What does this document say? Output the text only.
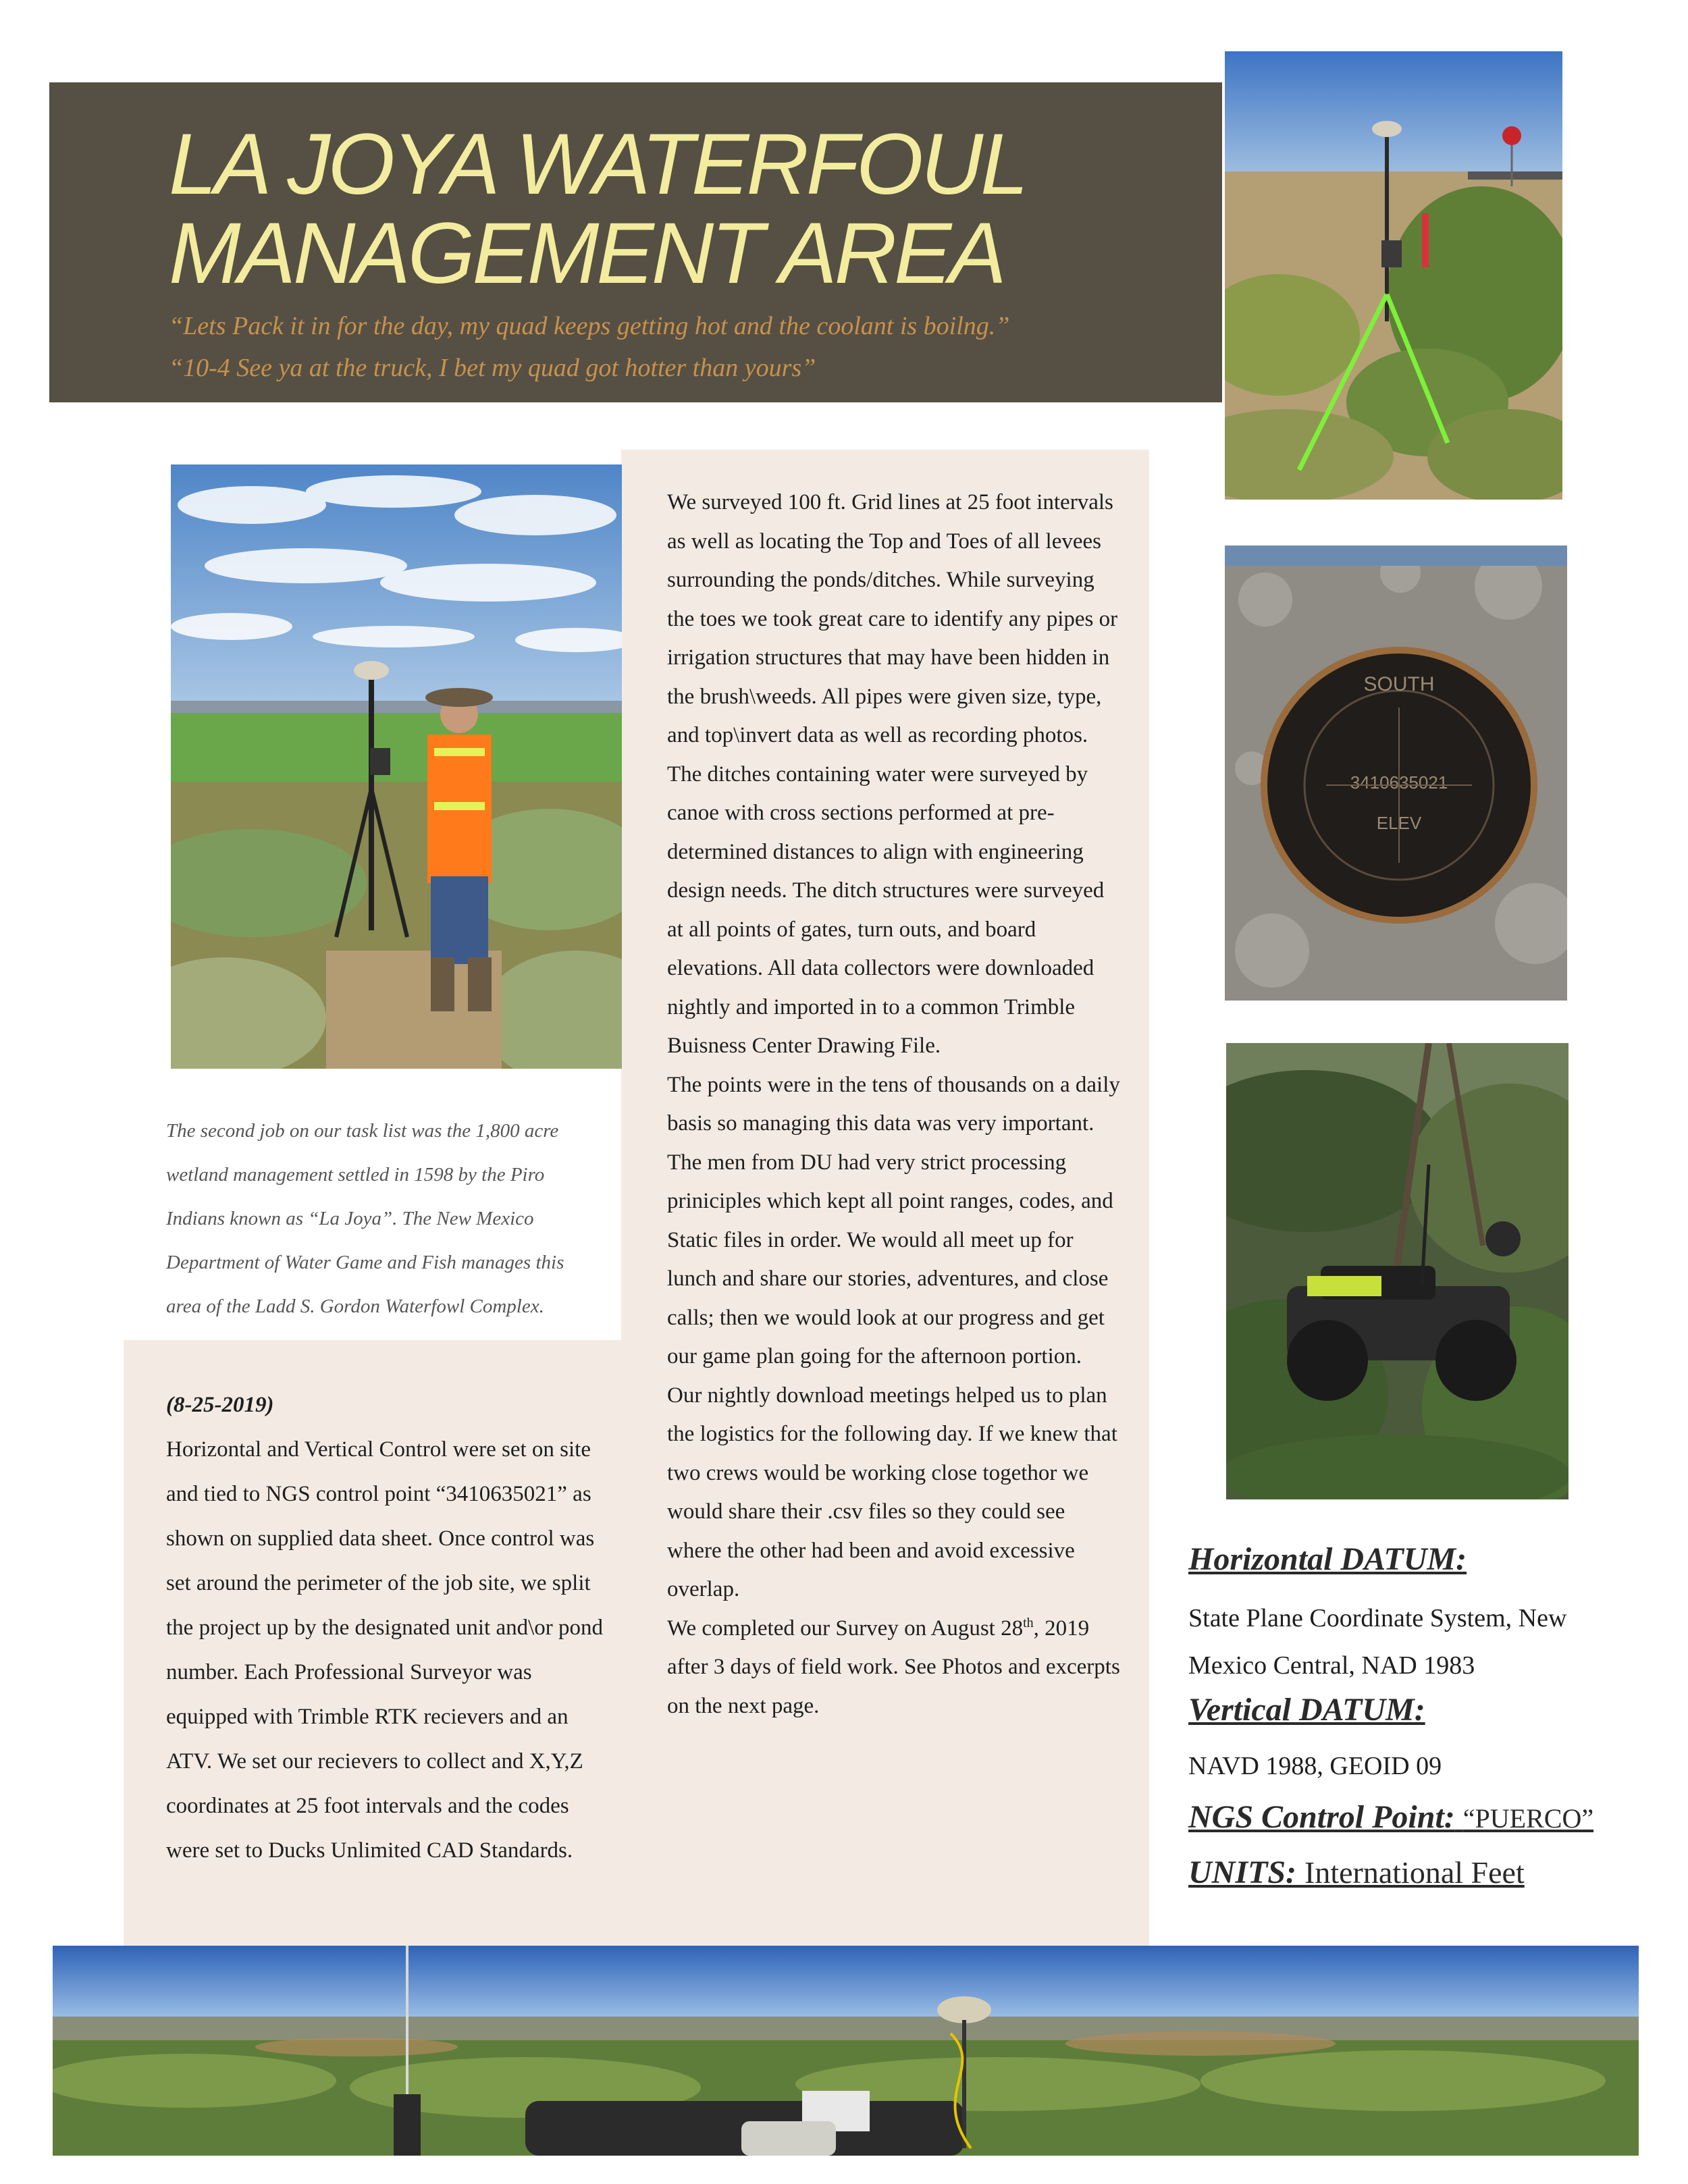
LA JOYA WATERFOUL
MANAGEMENT AREA
“Lets Pack it in for the day, my quad keeps getting hot and the coolant is boilng.” “10-4 See ya at the truck, I bet my quad got hotter than yours”
The second job on our task list was the 1,800 acre wetland management settled in 1598 by the Piro Indians known as “La Joya”. The New Mexico Department of Water Game and Fish manages this area of the Ladd S. Gordon Waterfowl Complex.
(8-25-2019)
Horizontal and Vertical Control were set on site and tied to NGS control point “3410635021” as shown on supplied data sheet. Once control was set around the perimeter of the job site, we split the project up by the designated unit and\or pond number. Each Professional Surveyor was equipped with Trimble RTK recievers and an ATV. We set our recievers to collect and X,Y,Z coordinates at 25 foot intervals and the codes were set to Ducks Unlimited CAD Standards.

We surveyed 100 ft. Grid lines at 25 foot intervals as well as locating the Top and Toes of all levees surrounding the ponds/ditches. While surveying the toes we took great care to identify any pipes or irrigation structures that may have been hidden in the brush\weeds. All pipes were given size, type, and top\invert data as well as recording photos. The ditches containing water were surveyed by canoe with cross sections performed at pre-determined distances to align with engineering design needs. The ditch structures were surveyed at all points of gates, turn outs, and board elevations. All data collectors were downloaded nightly and imported in to a common Trimble Buisness Center Drawing File.

The points were in the tens of thousands on a daily basis so managing this data was very important. The men from DU had very strict processing priniciples which kept all point ranges, codes, and Static files in order. We would all meet up for lunch and share our stories, adventures, and close calls; then we would look at our progress and get our game plan going for the afternoon portion. Our nightly download meetings helped us to plan the logistics for the following day. If we knew that two crews would be working close togethor we would share their .csv files so they could see where the other had been and avoid excessive overlap.

We completed our Survey on August 28th, 2019 after 3 days of field work. See Photos and excerpts on the next page.

SOUTH
3410635021
ELEV
Horizontal DATUM:
State Plane Coordinate System, New Mexico Central, NAD 1983
Vertical DATUM:
NAVD 1988, GEOID 09
NGS Control Point: “PUERCO”
UNITS: International Feet
